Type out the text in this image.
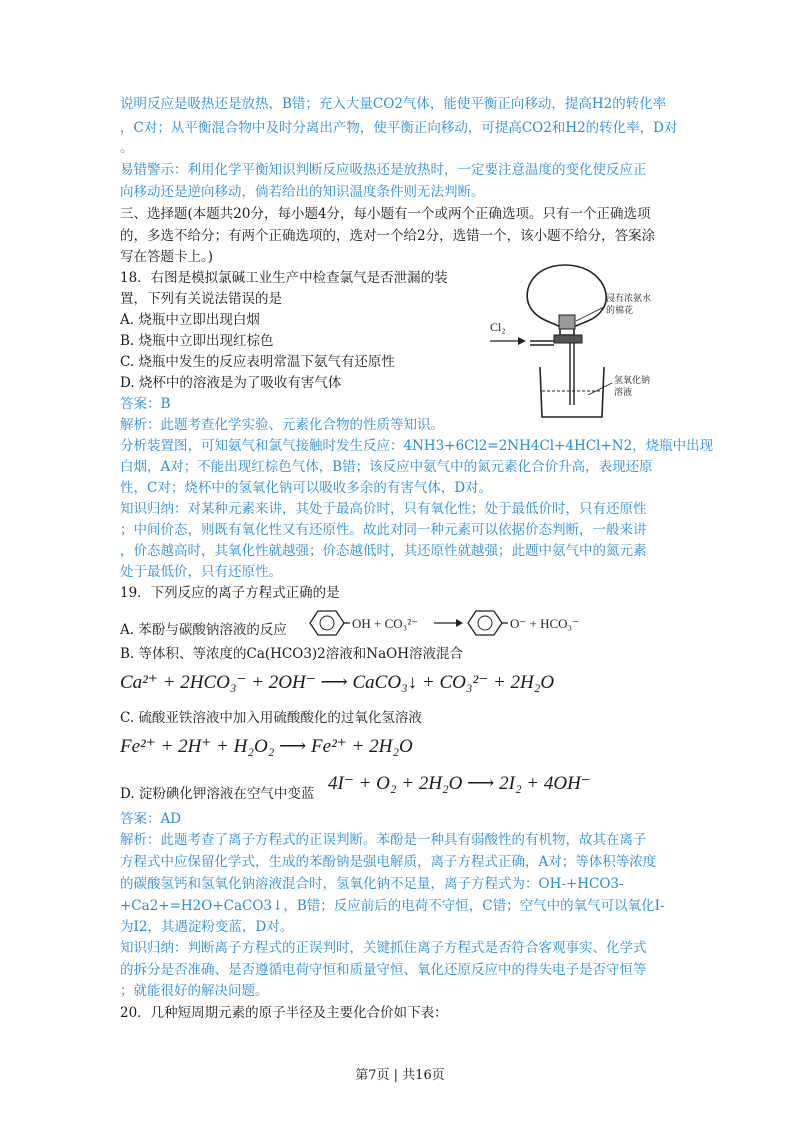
说明反应是吸热还是放热，B错；充入大量CO2气体，能使平衡正向移动，提高H2的转化率
，C对；从平衡混合物中及时分离出产物，使平衡正向移动，可提高CO2和H2的转化率，D对
。
易错警示：利用化学平衡知识判断反应吸热还是放热时，一定要注意温度的变化使反应正
向移动还是逆向移动，倘若给出的知识温度条件则无法判断。
三、选择题(本题共20分，每小题4分，每小题有一个或两个正确选项。只有一个正确选项
的，多选不给分；有两个正确选项的，选对一个给2分，选错一个，该小题不给分，答案涂
写在答题卡上。)
18．右图是模拟氯碱工业生产中检查氯气是否泄漏的装
置，下列有关说法错误的是
A. 烧瓶中立即出现白烟
B. 烧瓶中立即出现红棕色
C. 烧瓶中发生的反应表明常温下氨气有还原性
D. 烧杯中的溶液是为了吸收有害气体
Cl₂
浸有浓氨水
的棉花
氢氧化钠
溶液
答案：B
解析：此题考查化学实验、元素化合物的性质等知识。
分析装置图，可知氨气和氯气接触时发生反应：4NH3+6Cl2=2NH4Cl+4HCl+N2，烧瓶中出现
白烟，A对；不能出现红棕色气体，B错；该反应中氨气中的氮元素化合价升高，表现还原
性，C对；烧杯中的氢氧化钠可以吸收多余的有害气体，D对。
知识归纳：对某种元素来讲，其处于最高价时，只有氧化性；处于最低价时，只有还原性
；中间价态，则既有氧化性又有还原性。故此对同一种元素可以依据价态判断，一般来讲
，价态越高时，其氧化性就越强；价态越低时，其还原性就越强；此题中氨气中的氮元素
处于最低价，只有还原性。
19．下列反应的离子方程式正确的是
A. 苯酚与碳酸钠溶液的反应	OH + CO₃²⁻	O⁻ + HCO₃⁻
B. 等体积、等浓度的Ca(HCO3)2溶液和NaOH溶液混合
Ca²⁺ + 2HCO₃⁻ + 2OH⁻ ⟶ CaCO₃↓ + CO₃²⁻ + 2H₂O
C. 硫酸亚铁溶液中加入用硫酸酸化的过氧化氢溶液
Fe²⁺ + 2H⁺ + H₂O₂ ⟶ Fe²⁺ + 2H₂O
D. 淀粉碘化钾溶液在空气中变蓝 4I⁻ + O₂ + 2H₂O ⟶ 2I₂ + 4OH⁻
答案：AD
解析：此题考查了离子方程式的正误判断。苯酚是一种具有弱酸性的有机物，故其在离子
方程式中应保留化学式，生成的苯酚钠是强电解质，离子方程式正确，A对；等体积等浓度
的碳酸氢钙和氢氧化钠溶液混合时，氢氧化钠不足量，离子方程式为：OH-+HCO3-
+Ca2+=H2O+CaCO3↓，B错；反应前后的电荷不守恒，C错；空气中的氧气可以氧化I-
为I2，其遇淀粉变蓝，D对。
知识归纳：判断离子方程式的正误判时，关键抓住离子方程式是否符合客观事实、化学式
的拆分是否准确、是否遵循电荷守恒和质量守恒、氧化还原反应中的得失电子是否守恒等
；就能很好的解决问题。
20．几种短周期元素的原子半径及主要化合价如下表：
第7页 | 共16页
